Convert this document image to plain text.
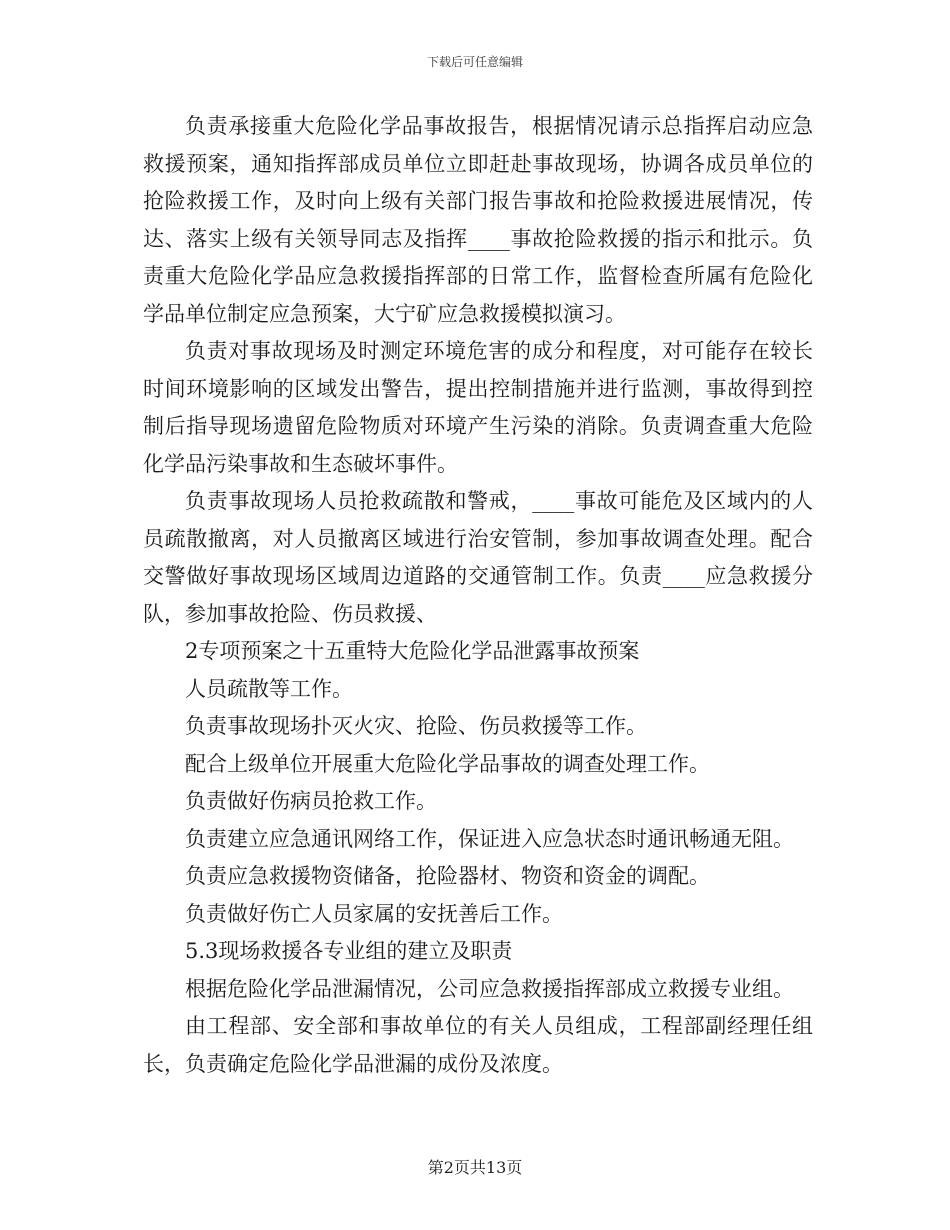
下载后可任意编辑

负责承接重大危险化学品事故报告，根据情况请示总指挥启动应急救援预案，通知指挥部成员单位立即赶赴事故现场，协调各成员单位的抢险救援工作，及时向上级有关部门报告事故和抢险救援进展情况，传达、落实上级有关领导同志及指挥____事故抢险救援的指示和批示。负责重大危险化学品应急救援指挥部的日常工作，监督检查所属有危险化学品单位制定应急预案，大宁矿应急救援模拟演习。

负责对事故现场及时测定环境危害的成分和程度，对可能存在较长时间环境影响的区域发出警告，提出控制措施并进行监测，事故得到控制后指导现场遗留危险物质对环境产生污染的消除。负责调查重大危险化学品污染事故和生态破坏事件。

负责事故现场人员抢救疏散和警戒，____事故可能危及区域内的人员疏散撤离，对人员撤离区域进行治安管制，参加事故调查处理。配合交警做好事故现场区域周边道路的交通管制工作。负责____应急救援分队，参加事故抢险、伤员救援、

2专项预案之十五重特大危险化学品泄露事故预案

人员疏散等工作。

负责事故现场扑灭火灾、抢险、伤员救援等工作。

配合上级单位开展重大危险化学品事故的调查处理工作。

负责做好伤病员抢救工作。

负责建立应急通讯网络工作，保证进入应急状态时通讯畅通无阻。

负责应急救援物资储备，抢险器材、物资和资金的调配。

负责做好伤亡人员家属的安抚善后工作。

5.3现场救援各专业组的建立及职责

根据危险化学品泄漏情况，公司应急救援指挥部成立救援专业组。

由工程部、安全部和事故单位的有关人员组成，工程部副经理任组长，负责确定危险化学品泄漏的成份及浓度。

第2页共13页
